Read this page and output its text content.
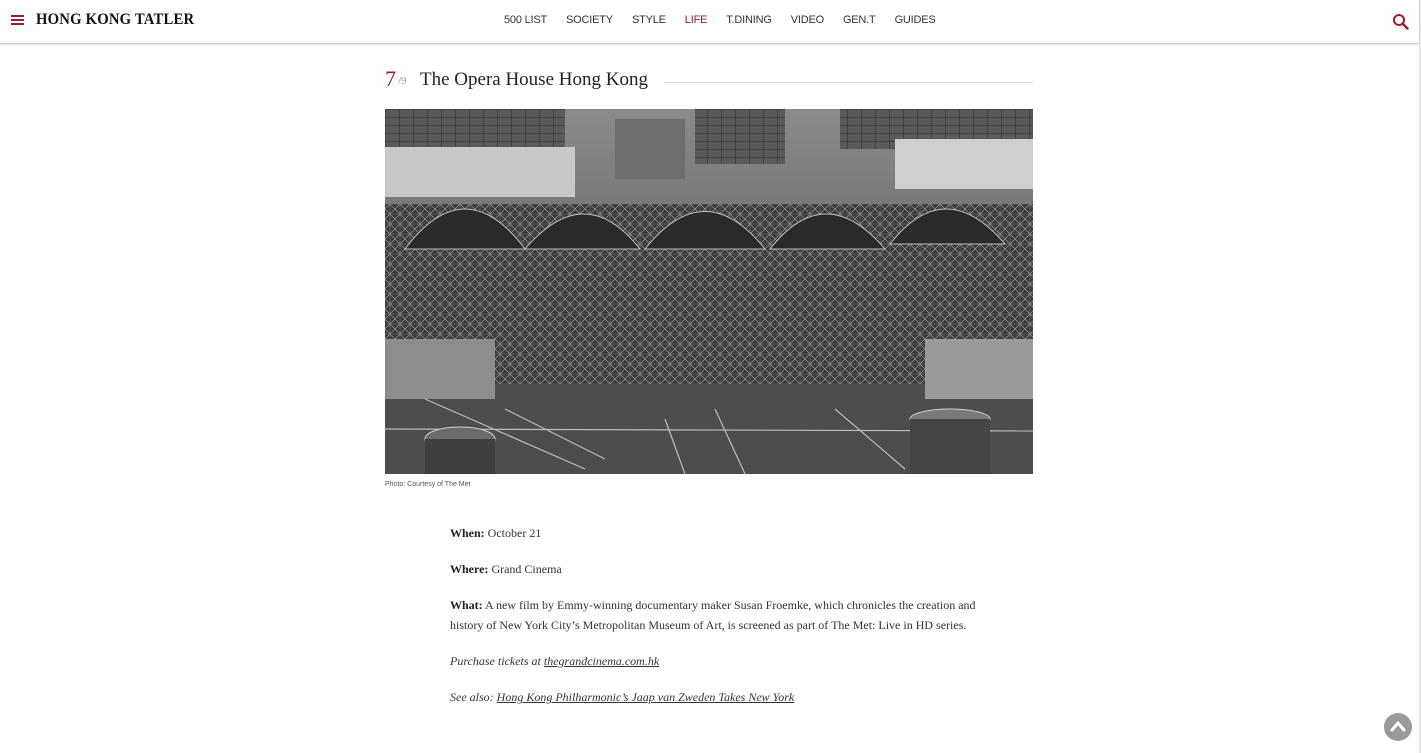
HONG KONG TATLER	500 LIST SOCIETY STYLE LIFE T.DINING VIDEO GEN.T GUIDES
7 /9 The Opera House Hong Kong
Photo: Courtesy of The Met

When: October 21

Where: Grand Cinema

What: A new film by Emmy-winning documentary maker Susan Froemke, which chronicles the creation and history of New York City’s Metropolitan Museum of Art, is screened as part of The Met: Live in HD series.

Purchase tickets at thegrandcinema.com.hk

See also: Hong Kong Philharmonic’s Jaap van Zweden Takes New York
